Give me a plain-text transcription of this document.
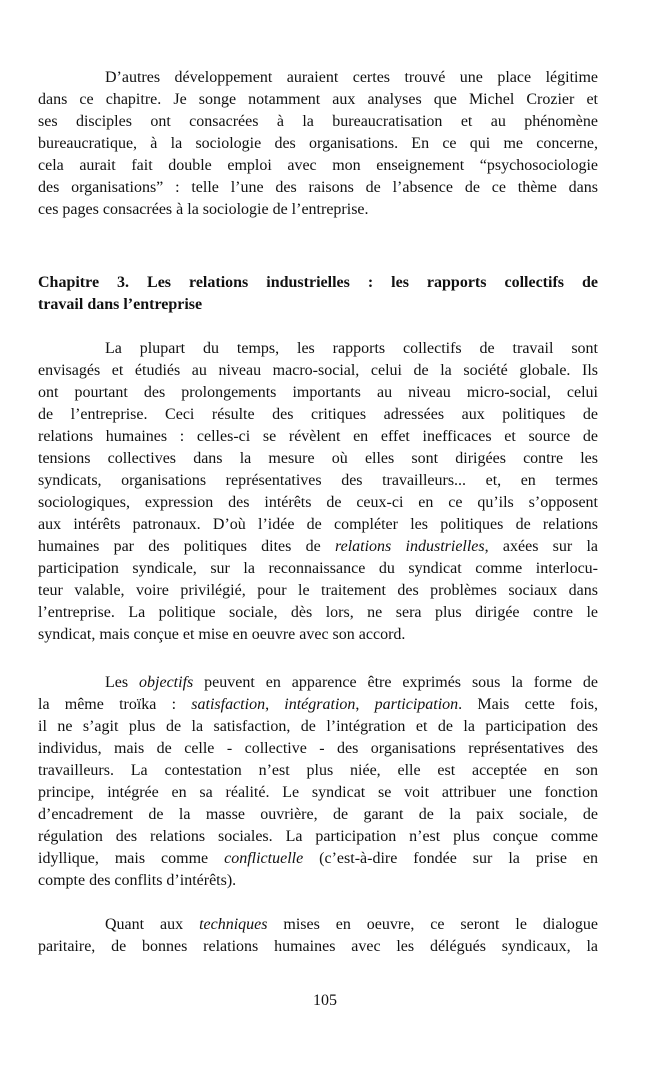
D’autres développement auraient certes trouvé une place légitime
dans ce chapitre. Je songe notamment aux analyses que Michel Crozier et
ses disciples ont consacrées à la bureaucratisation et au phénomène
bureaucratique, à la sociologie des organisations. En ce qui me concerne,
cela aurait fait double emploi avec mon enseignement “psychosociologie
des organisations” : telle l’une des raisons de l’absence de ce thème dans
ces pages consacrées à la sociologie de l’entreprise.
Chapitre 3. Les relations industrielles : les rapports collectifs de
travail dans l’entreprise
La plupart du temps, les rapports collectifs de travail sont
envisagés et étudiés au niveau macro-social, celui de la société globale. Ils
ont pourtant des prolongements importants au niveau micro-social, celui
de l’entreprise. Ceci résulte des critiques adressées aux politiques de
relations humaines : celles-ci se révèlent en effet inefficaces et source de
tensions collectives dans la mesure où elles sont dirigées contre les
syndicats, organisations représentatives des travailleurs... et, en termes
sociologiques, expression des intérêts de ceux-ci en ce qu’ils s’opposent
aux intérêts patronaux. D’où l’idée de compléter les politiques de relations
humaines par des politiques dites de relations industrielles, axées sur la
participation syndicale, sur la reconnaissance du syndicat comme interlocu-
teur valable, voire privilégié, pour le traitement des problèmes sociaux dans
l’entreprise. La politique sociale, dès lors, ne sera plus dirigée contre le
syndicat, mais conçue et mise en oeuvre avec son accord.
Les objectifs peuvent en apparence être exprimés sous la forme de
la même troïka : satisfaction, intégration, participation. Mais cette fois,
il ne s’agit plus de la satisfaction, de l’intégration et de la participation des
individus, mais de celle - collective - des organisations représentatives des
travailleurs. La contestation n’est plus niée, elle est acceptée en son
principe, intégrée en sa réalité. Le syndicat se voit attribuer une fonction
d’encadrement de la masse ouvrière, de garant de la paix sociale, de
régulation des relations sociales. La participation n’est plus conçue comme
idyllique, mais comme conflictuelle (c’est-à-dire fondée sur la prise en
compte des conflits d’intérêts).
Quant aux techniques mises en oeuvre, ce seront le dialogue
paritaire, de bonnes relations humaines avec les délégués syndicaux, la
105
